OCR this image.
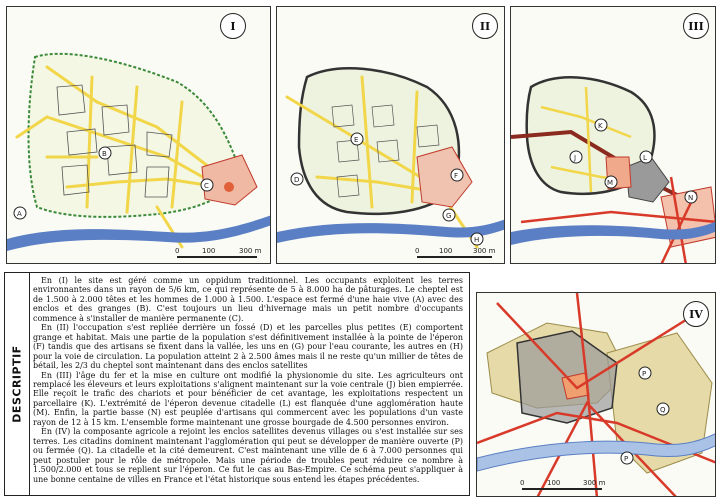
0	100	300 m
A
B
C
I
0	100	300 m
D
E
F
G
H
II
J
K
L
M
N
III
DESCRIPTIF

En (I) le site est géré comme un oppidum traditionnel. Les occupants exploitent les terres environnantes dans un rayon de 5/6 km, ce qui représente de 5 à 8.000 ha de pâturages. Le cheptel est de 1.500 à 2.000 têtes et les hommes de 1.000 à 1.500. L'espace est fermé d'une haie vive (A) avec des enclos et des granges (B). C'est toujours un lieu d'hivernage mais un petit nombre d'occupants commence à s'installer de manière permanente (C).

En (II) l'occupation s'est repliée derrière un fossé (D) et les parcelles plus petites (E) comportent grange et habitat. Mais une partie de la population s'est définitivement installée à la pointe de l'éperon (F) tandis que des artisans se fixent dans la vallée, les uns en (G) pour l'eau courante, les autres en (H) pour la voie de circulation. La population atteint 2 à 2.500 âmes mais il ne reste qu'un millier de têtes de bétail, les 2/3 du cheptel sont maintenant dans des enclos satellites

En (III) l'âge du fer et la mise en culture ont modifié la physionomie du site. Les agriculteurs ont remplacé les éleveurs et leurs exploitations s'alignent maintenant sur la voie centrale (J) bien empierrée. Elle reçoit le trafic des chariots et pour bénéficier de cet avantage, les exploitations respectent un parcellaire (K). L'extrémité de l'éperon devenue citadelle (L) est flanquée d'une agglomération haute (M). Enfin, la partie basse (N) est peuplée d'artisans qui commercent avec les populations d'un vaste rayon de 12 à 15 km. L'ensemble forme maintenant une grosse bourgade de 4.500 personnes environ.

En (IV) la composante agricole a rejoint les enclos satellites devenus villages ou s'est installée sur ses terres. Les citadins dominent maintenant l'agglomération qui peut se développer de manière ouverte (P) ou fermée (Q). La citadelle et la cité demeurent. C'est maintenant une ville de 6 à 7.000 personnes qui peut postuler pour le rôle de métropole. Mais une période de troubles peut réduire ce nombre à 1.500/2.000 et tous se replient sur l'éperon. Ce fut le cas au Bas-Empire. Ce schéma peut s'appliquer à une bonne centaine de villes en France et l'état historique sous entend les étapes précédentes.	0	100	300 m
P
Q
P
IV
